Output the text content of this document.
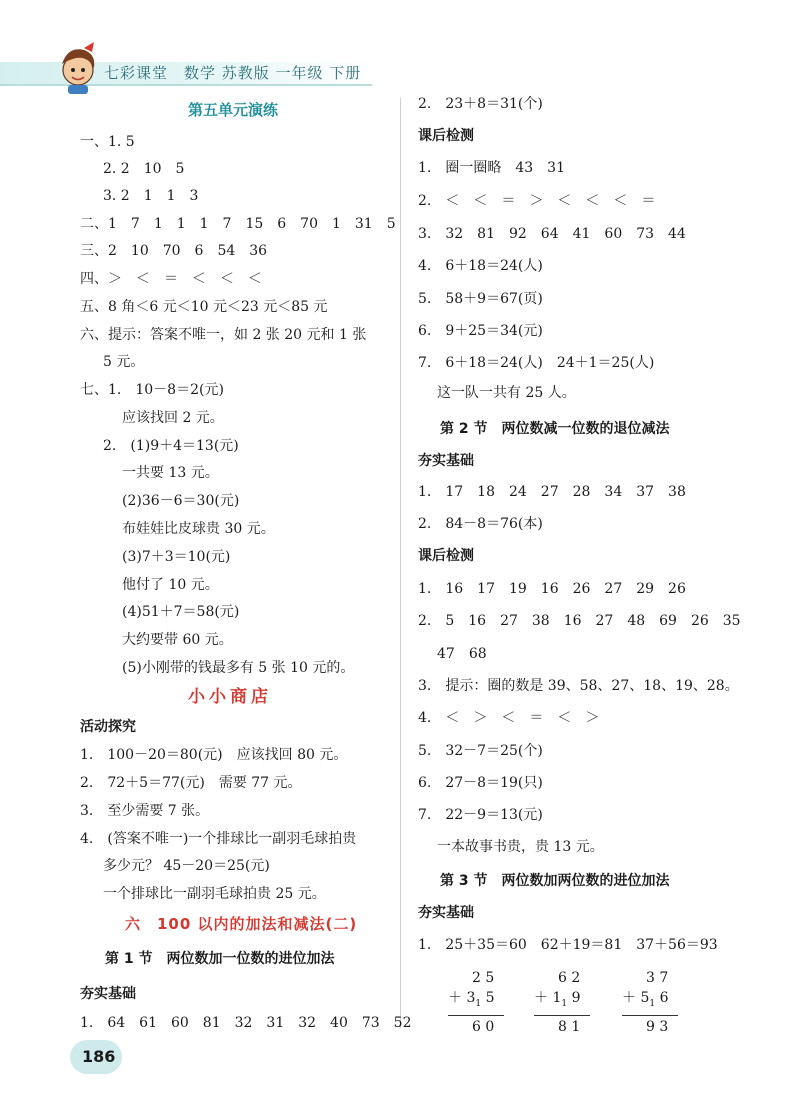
七彩课堂　数学 苏教版 一年级 下册
第五单元演练
一、1. 5
2. 2　10　5
3. 2　1　1　3
二、1　7　1　1　1　7　15　6　70　1　31　5
三、2　10　70　6　54　36
四、＞　＜　＝　＜　＜　＜
五、8 角＜6 元＜10 元＜23 元＜85 元
六、提示：答案不唯一，如 2 张 20 元和 1 张
5 元。
七、1.　10－8＝2(元)
应该找回 2 元。
2.　(1)9＋4＝13(元)
一共要 13 元。
(2)36－6＝30(元)
布娃娃比皮球贵 30 元。
(3)7＋3＝10(元)
他付了 10 元。
(4)51＋7＝58(元)
大约要带 60 元。
(5)小刚带的钱最多有 5 张 10 元的。
小小商店
活动探究
1.　100－20＝80(元)　应该找回 80 元。
2.　72＋5＝77(元)　需要 77 元。
3.　至少需要 7 张。
4.　(答案不唯一)一个排球比一副羽毛球拍贵
多少元？ 45－20＝25(元)
一个排球比一副羽毛球拍贵 25 元。
六　100 以内的加法和减法(二)
第 1 节　两位数加一位数的进位加法
夯实基础
1.　64　61　60　81　32　31　32　40　73　52
186
2.　23＋8＝31(个)
课后检测
1.　圈一圈略　43　31
2.　＜　＜　＝　＞　＜　＜　＜　＝
3.　32　81　92　64　41　60　73　44
4.　6＋18＝24(人)
5.　58＋9＝67(页)
6.　9＋25＝34(元)
7.　6＋18＝24(人)　24＋1＝25(人)
这一队一共有 25 人。
第 2 节　两位数减一位数的退位减法
夯实基础
1.　17　18　24　27　28　34　37　38
2.　84－8＝76(本)
课后检测
1.　16　17　19　16　26　27　29　26
2.　5　16　27　38　16　27　48　69　26　35
47　68
3.　提示：圈的数是 39、58、27、18、19、28。
4.　＜　＞　＜　＝　＜　＞
5.　32－7＝25(个)
6.　27－8＝19(只)
7.　22－9＝13(元)
一本故事书贵，贵 13 元。
第 3 节　两位数加两位数的进位加法
夯实基础
1.　25＋35＝60　62＋19＝81　37＋56＝93
2 5
＋ $3_1$ 5
6 0
6 2
＋ $1_1$ 9
8 1
3 7
＋ $5_1$ 6
9 3
